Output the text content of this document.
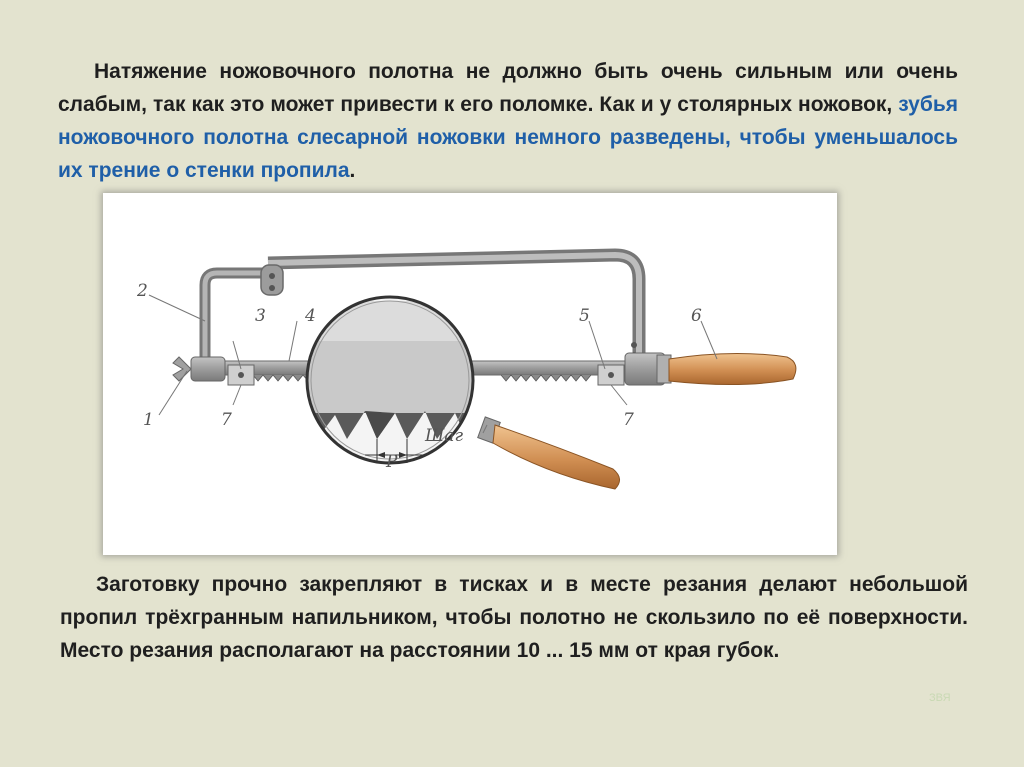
Натяжение ножовочного полотна не должно быть очень сильным или очень слабым, так как это может привести к его поломке. Как и у столярных ножовок, зубья ножовочного полотна слесарной ножовки немного разведены, чтобы уменьшалось их трение о стенки пропила.
2
1
3 4
7
5	6
7
Шаг
P
Заготовку прочно закрепляют в тисках и в месте резания делают небольшой пропил трёхгранным напильником, чтобы полотно не скользило по её поверхности. Место резания располагают на расстоянии 10 ... 15 мм от края губок.
ЗВЯ
